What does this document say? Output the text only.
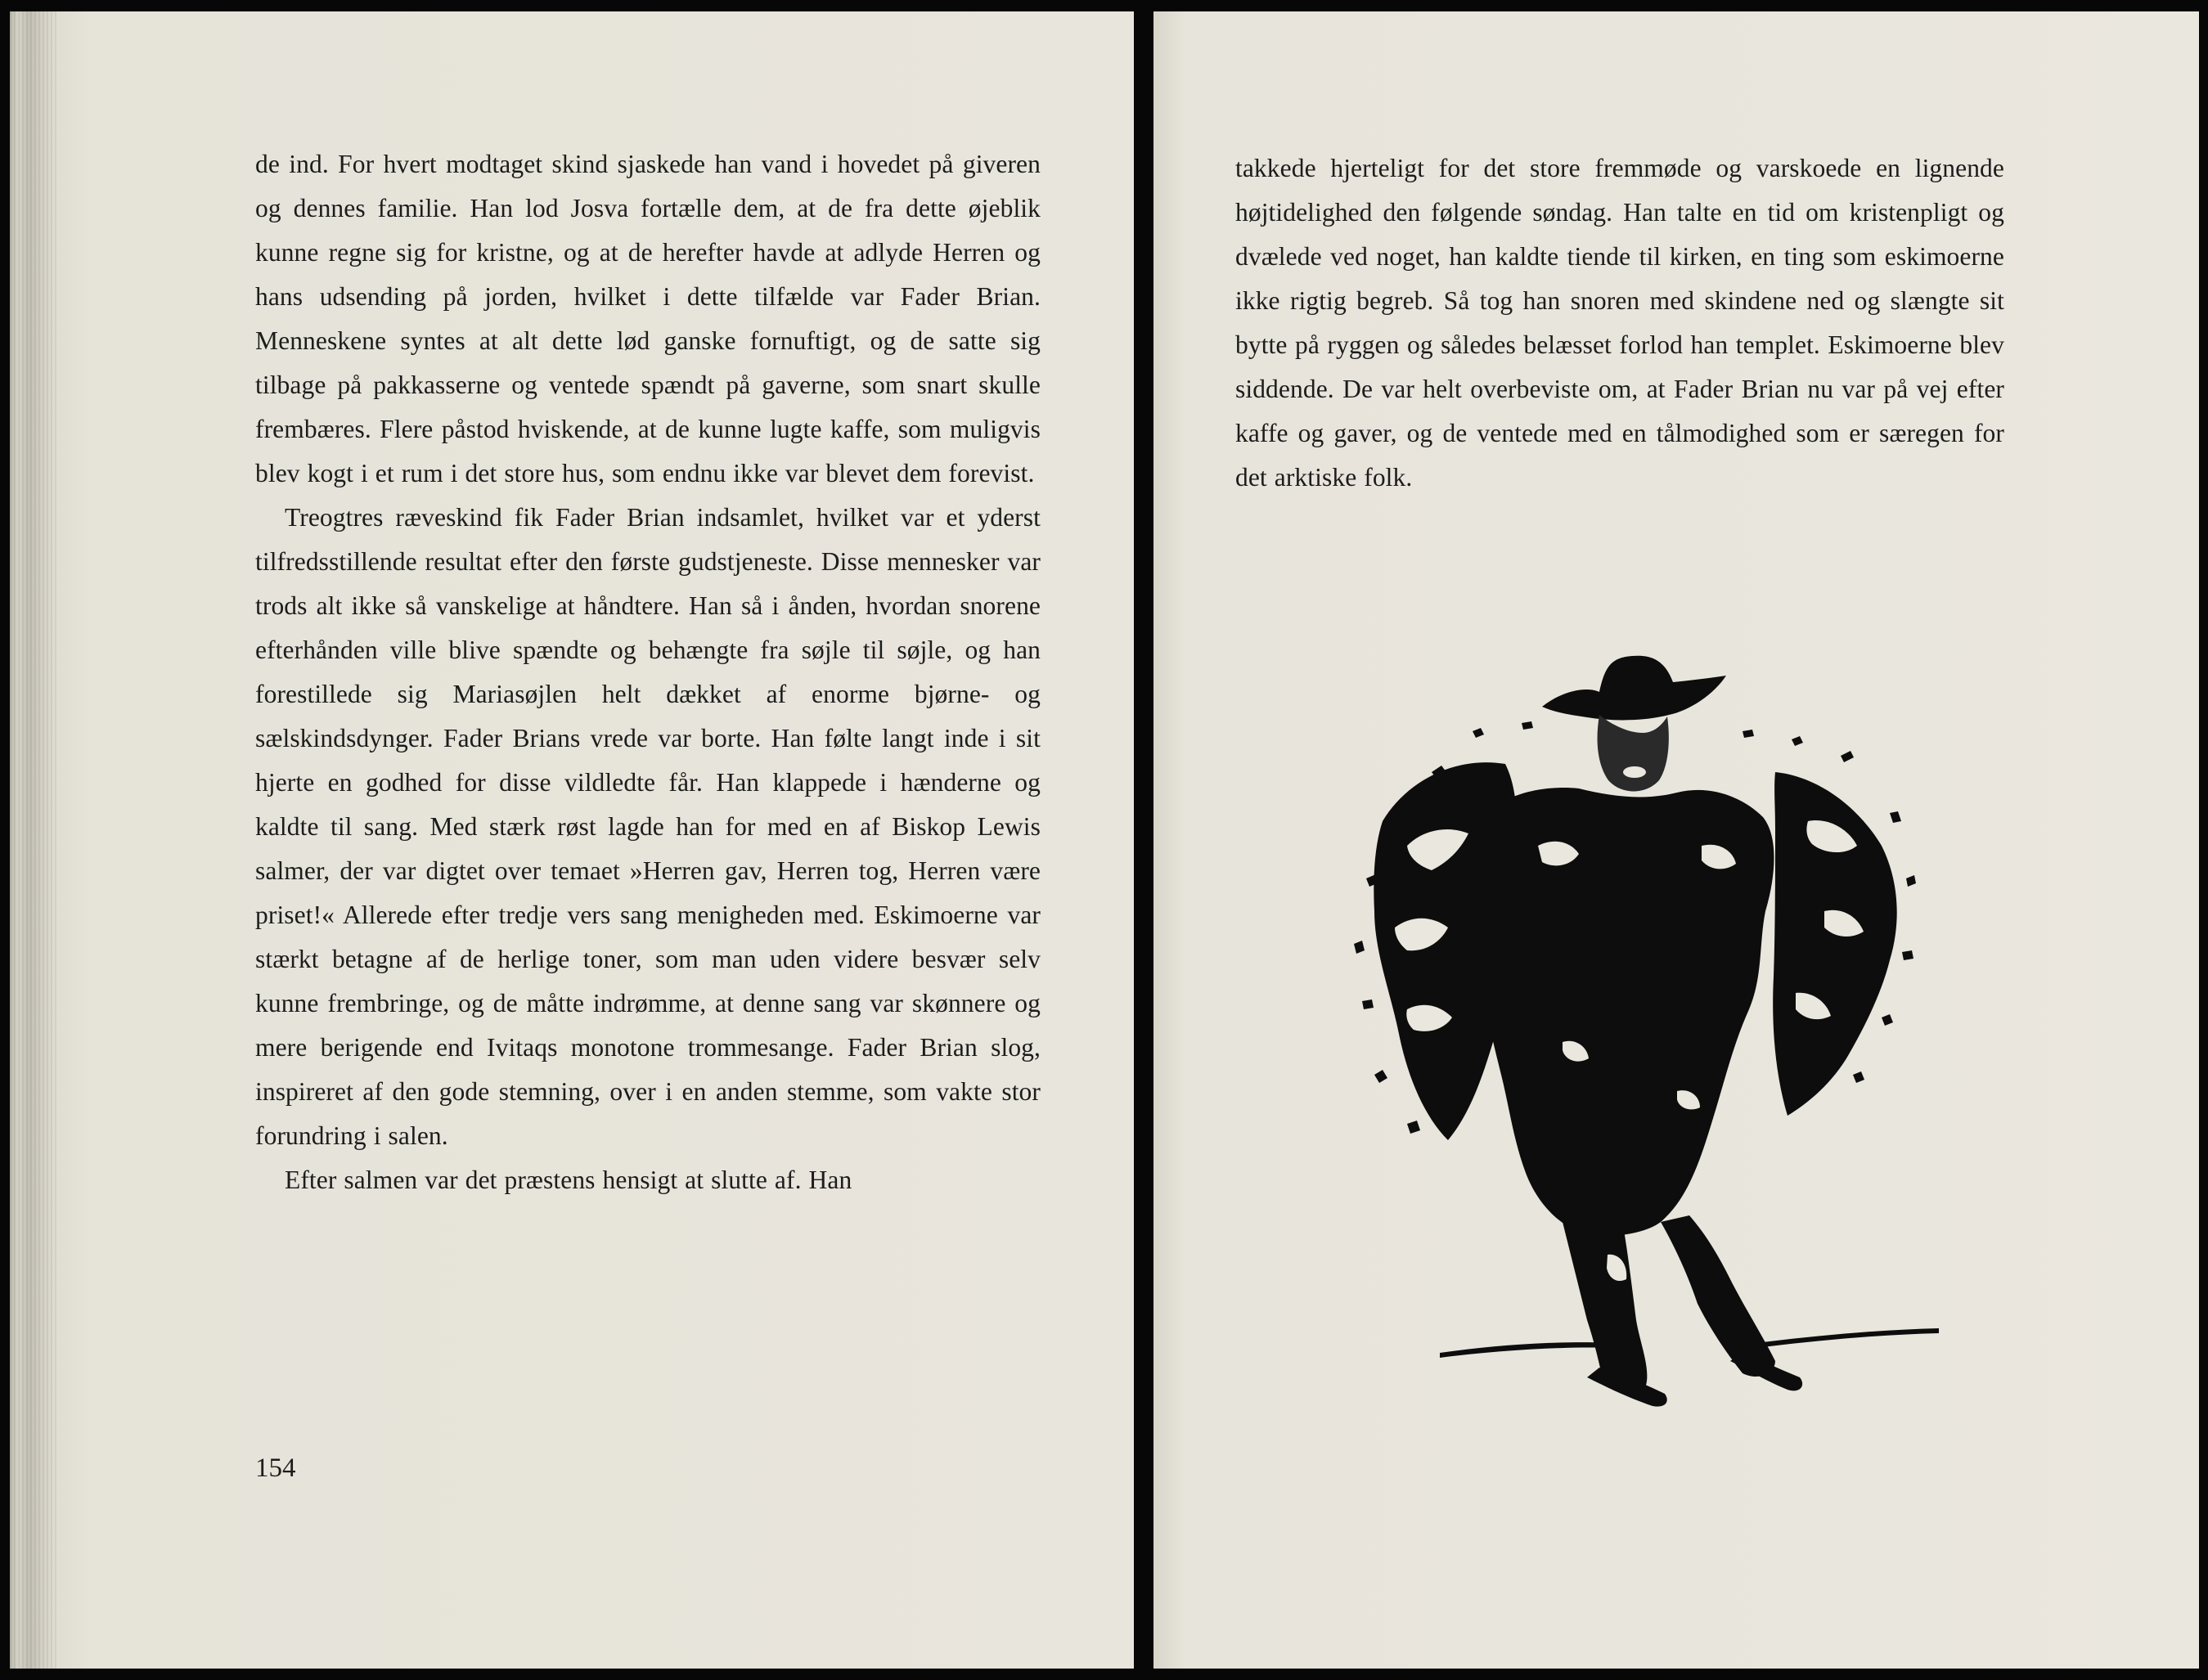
de ind. For hvert modtaget skind sjaskede han vand i hovedet på giveren og dennes familie. Han lod Josva fortælle dem, at de fra dette øjeblik kunne regne sig for kristne, og at de herefter havde at adlyde Herren og hans udsending på jorden, hvilket i dette tilfælde var Fader Brian. Menneskene syntes at alt dette lød ganske fornuftigt, og de satte sig tilbage på pakkasserne og ventede spændt på gaverne, som snart skulle frembæres. Flere påstod hviskende, at de kunne lugte kaffe, som muligvis blev kogt i et rum i det store hus, som endnu ikke var blevet dem forevist.

Treogtres ræveskind fik Fader Brian indsamlet, hvilket var et yderst tilfredsstillende resultat efter den første gudstjeneste. Disse mennesker var trods alt ikke så vanskelige at håndtere. Han så i ånden, hvordan snorene efterhånden ville blive spændte og behængte fra søjle til søjle, og han forestillede sig Mariasøjlen helt dækket af enorme bjørne- og sælskindsdynger. Fader Brians vrede var borte. Han følte langt inde i sit hjerte en godhed for disse vildledte får. Han klappede i hænderne og kaldte til sang. Med stærk røst lagde han for med en af Biskop Lewis salmer, der var digtet over temaet »Herren gav, Herren tog, Herren være priset!« Allerede efter tredje vers sang menigheden med. Eskimoerne var stærkt betagne af de herlige toner, som man uden videre besvær selv kunne frembringe, og de måtte indrømme, at denne sang var skønnere og mere berigende end Ivitaqs monotone trommesange. Fader Brian slog, inspireret af den gode stemning, over i en anden stemme, som vakte stor forundring i salen.

Efter salmen var det præstens hensigt at slutte af. Han

154

takkede hjerteligt for det store fremmøde og varskoede en lignende højtidelighed den følgende søndag. Han talte en tid om kristenpligt og dvælede ved noget, han kaldte tiende til kirken, en ting som eskimoerne ikke rigtig begreb. Så tog han snoren med skindene ned og slængte sit bytte på ryggen og således belæsset forlod han templet. Eskimoerne blev siddende. De var helt overbeviste om, at Fader Brian nu var på vej efter kaffe og gaver, og de ventede med en tålmodighed som er særegen for det arktiske folk.
